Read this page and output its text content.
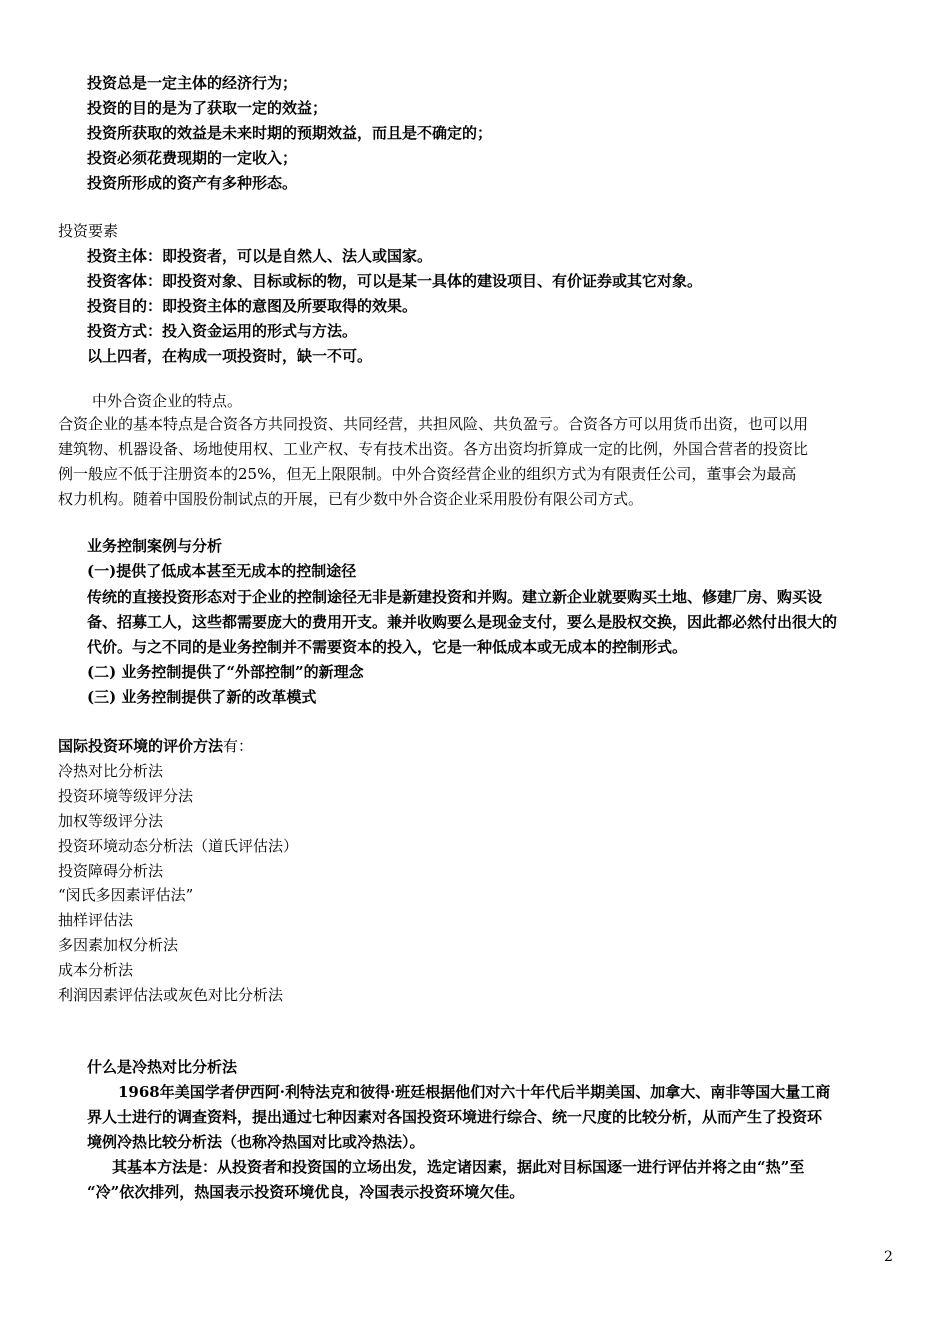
投资总是一定主体的经济行为；
投资的目的是为了获取一定的效益；
投资所获取的效益是未来时期的预期效益，而且是不确定的；
投资必须花费现期的一定收入；
投资所形成的资产有多种形态。
投资要素
投资主体：即投资者，可以是自然人、法人或国家。
投资客体：即投资对象、目标或标的物，可以是某一具体的建设项目、有价证券或其它对象。
投资目的：即投资主体的意图及所要取得的效果。
投资方式：投入资金运用的形式与方法。
以上四者，在构成一项投资时，缺一不可。
中外合资企业的特点。
合资企业的基本特点是合资各方共同投资、共同经营，共担风险、共负盈亏。合资各方可以用货币出资，也可以用
建筑物、机器设备、场地使用权、工业产权、专有技术出资。各方出资均折算成一定的比例，外国合营者的投资比
例一般应不低于注册资本的25%，但无上限限制。中外合资经营企业的组织方式为有限责任公司，董事会为最高
权力机构。随着中国股份制试点的开展，已有少数中外合资企业采用股份有限公司方式。
业务控制案例与分析
(一)提供了低成本甚至无成本的控制途径
传统的直接投资形态对于企业的控制途径无非是新建投资和并购。建立新企业就要购买土地、修建厂房、购买设
备、招募工人，这些都需要庞大的费用开支。兼并收购要么是现金支付，要么是股权交换，因此都必然付出很大的
代价。与之不同的是业务控制并不需要资本的投入，它是一种低成本或无成本的控制形式。
(二) 业务控制提供了“外部控制”的新理念
(三) 业务控制提供了新的改革模式
国际投资环境的评价方法有：
冷热对比分析法
投资环境等级评分法
加权等级评分法
投资环境动态分析法（道氏评估法）
投资障碍分析法
“闵氏多因素评估法”
抽样评估法
多因素加权分析法
成本分析法
利润因素评估法或灰色对比分析法
什么是冷热对比分析法
1968年美国学者伊西阿·利特法克和彼得·班廷根据他们对六十年代后半期美国、加拿大、南非等国大量工商
界人士进行的调查资料，提出通过七种因素对各国投资环境进行综合、统一尺度的比较分析，从而产生了投资环
境例冷热比较分析法（也称冷热国对比或冷热法）。
其基本方法是：从投资者和投资国的立场出发，选定诸因素，据此对目标国逐一进行评估并将之由“热”至
“冷”依次排列，热国表示投资环境优良，冷国表示投资环境欠佳。
2
